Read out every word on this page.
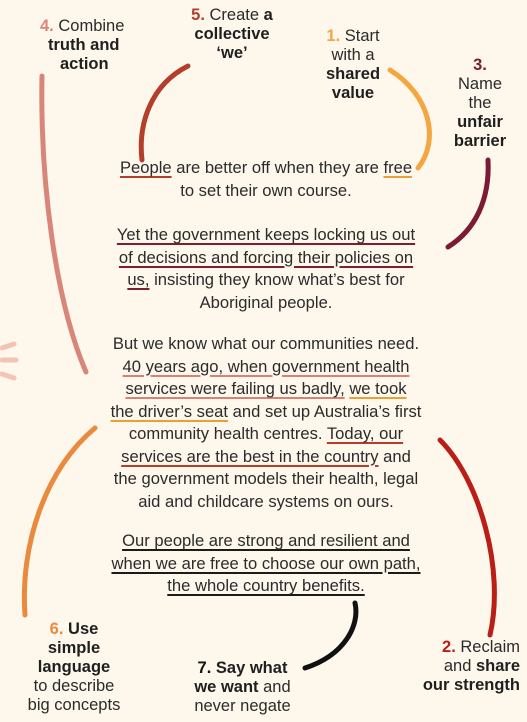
4. Combine
truth and
action
5. Create a
collective
‘we’
1. Start
with a
shared
value
3.
Name
the
unfair
barrier
People are better off when they are free
to set their own course.
Yet the government keeps locking us out
of decisions and forcing their policies on
us, insisting they know what’s best for
Aboriginal people.
But we know what our communities need.
40 years ago, when government health
services were failing us badly, we took
the driver’s seat and set up Australia’s first
community health centres. Today, our
services are the best in the country and
the government models their health, legal
aid and childcare systems on ours.
Our people are strong and resilient and
when we are free to choose our own path,
the whole country benefits.
6. Use
simple
language
to describe
big concepts
7. Say what
we want and
never negate
2. Reclaim
and share
our strength
